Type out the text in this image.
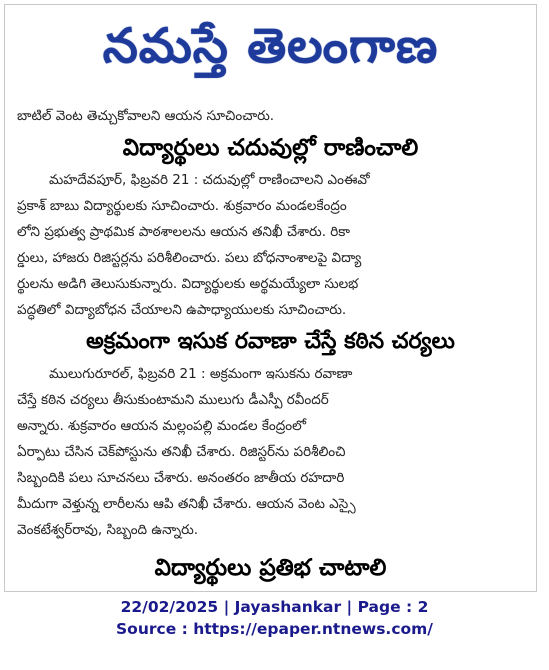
నమస్తే తెలంగాణ

బాటిల్ వెంట తెచ్చుకోవాలని ఆయన సూచించారు.

విద్యార్థులు చదువుల్లో రాణించాలి

మహదేవపూర్, ఫిబ్రవరి 21 : చదువుల్లో రాణించాలని ఎంఈవో

ప్రకాశ్ బాబు విద్యార్థులకు సూచించారు. శుక్రవారం మండలకేంద్రం

లోని ప్రభుత్వ ప్రాథమిక పాఠశాలలను ఆయన తనిఖీ చేశారు. రికా

ర్డులు, హాజరు రిజిస్టర్లను పరిశీలించారు. పలు బోధనాంశాలపై విద్యా

ర్థులను అడిగి తెలుసుకున్నారు. విద్యార్థులకు అర్థమయ్యేలా సులభ

పద్ధతిలో విద్యాబోధన చేయాలని ఉపాధ్యాయులకు సూచించారు.

అక్రమంగా ఇసుక రవాణా చేస్తే కఠిన చర్యలు

ములుగురూరల్, ఫిబ్రవరి 21 : అక్రమంగా ఇసుకను రవాణా

చేస్తే కఠిన చర్యలు తీసుకుంటామని ములుగు డీఎస్పీ రవీందర్

అన్నారు. శుక్రవారం ఆయన మల్లంపల్లి మండల కేంద్రంలో

ఏర్పాటు చేసిన చెక్‌పోస్టును తనిఖీ చేశారు. రిజిస్టర్‌ను పరిశీలించి

సిబ్బందికి పలు సూచనలు చేశారు. అనంతరం జాతీయ రహదారి

మీదుగా వెళ్తున్న లారీలను ఆపి తనిఖీ చేశారు. ఆయన వెంట ఎస్సై

వెంకటేశ్వర్‌రావు, సిబ్బంది ఉన్నారు.

విద్యార్థులు ప్రతిభ చాటాలి
22/02/2025 | Jayashankar | Page : 2
Source : https://epaper.ntnews.com/
